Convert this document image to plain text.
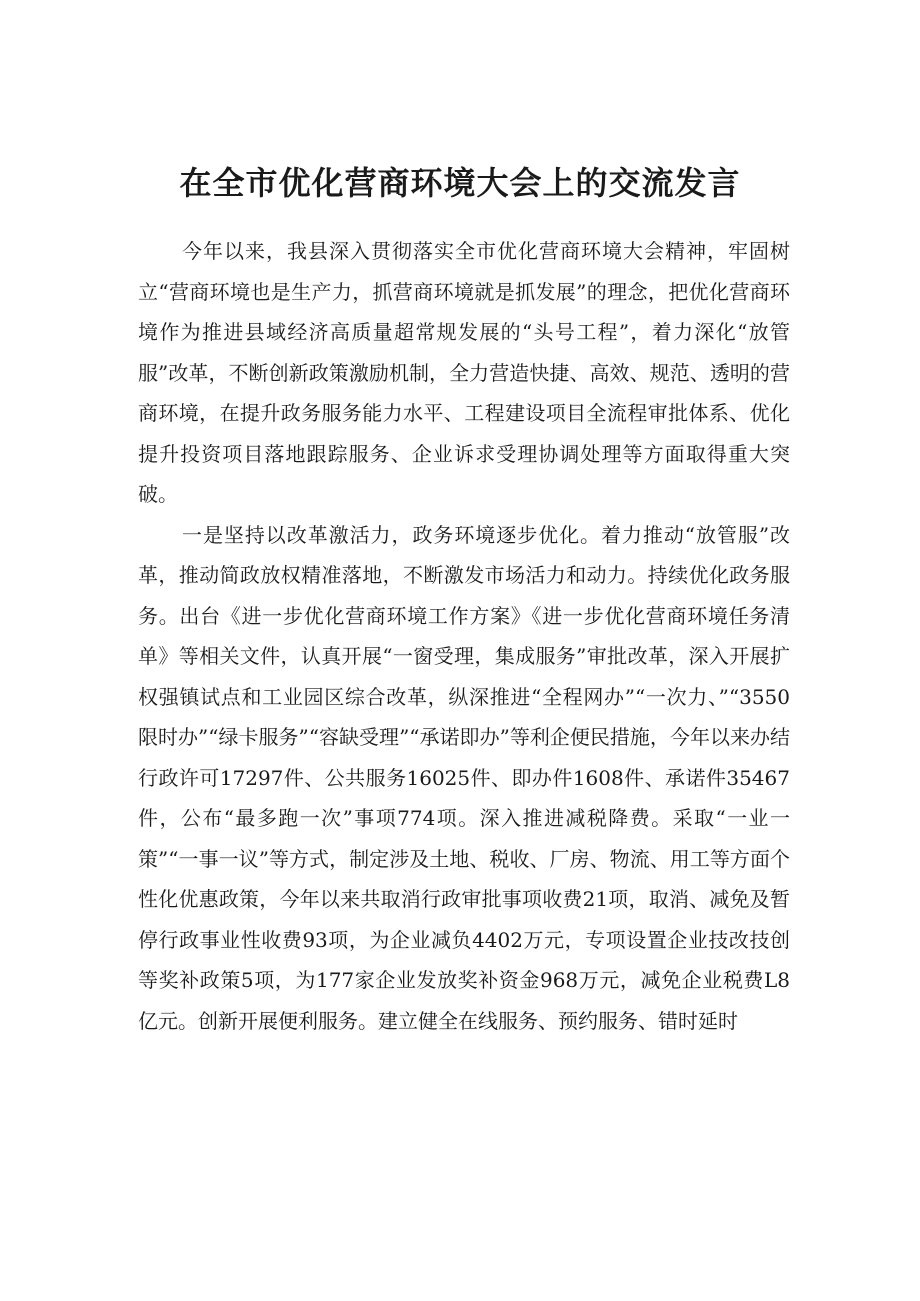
在全市优化营商环境大会上的交流发言

今年以来，我县深入贯彻落实全市优化营商环境大会精神，牢固树立“营商环境也是生产力，抓营商环境就是抓发展”的理念，把优化营商环境作为推进县域经济高质量超常规发展的“头号工程”，着力深化“放管服”改革，不断创新政策激励机制，全力营造快捷、高效、规范、透明的营商环境，在提升政务服务能力水平、工程建设项目全流程审批体系、优化提升投资项目落地跟踪服务、企业诉求受理协调处理等方面取得重大突破。

一是坚持以改革激活力，政务环境逐步优化。着力推动“放管服”改革，推动简政放权精准落地，不断激发市场活力和动力。持续优化政务服务。出台《进一步优化营商环境工作方案》《进一步优化营商环境任务清单》等相关文件，认真开展“一窗受理，集成服务”审批改革，深入开展扩权强镇试点和工业园区综合改革，纵深推进“全程网办”“一次力、”“3550限时办”“绿卡服务”“容缺受理”“承诺即办”等利企便民措施，今年以来办结行政许可17297件、公共服务16025件、即办件1608件、承诺件35467件，公布“最多跑一次”事项774项。深入推进减税降费。采取“一业一策”“一事一议”等方式，制定涉及土地、税收、厂房、物流、用工等方面个性化优惠政策，今年以来共取消行政审批事项收费21项，取消、减免及暂停行政事业性收费93项，为企业减负4402万元，专项设置企业技改技创等奖补政策5项，为177家企业发放奖补资金968万元，减免企业税费L8亿元。创新开展便利服务。建立健全在线服务、预约服务、错时延时
